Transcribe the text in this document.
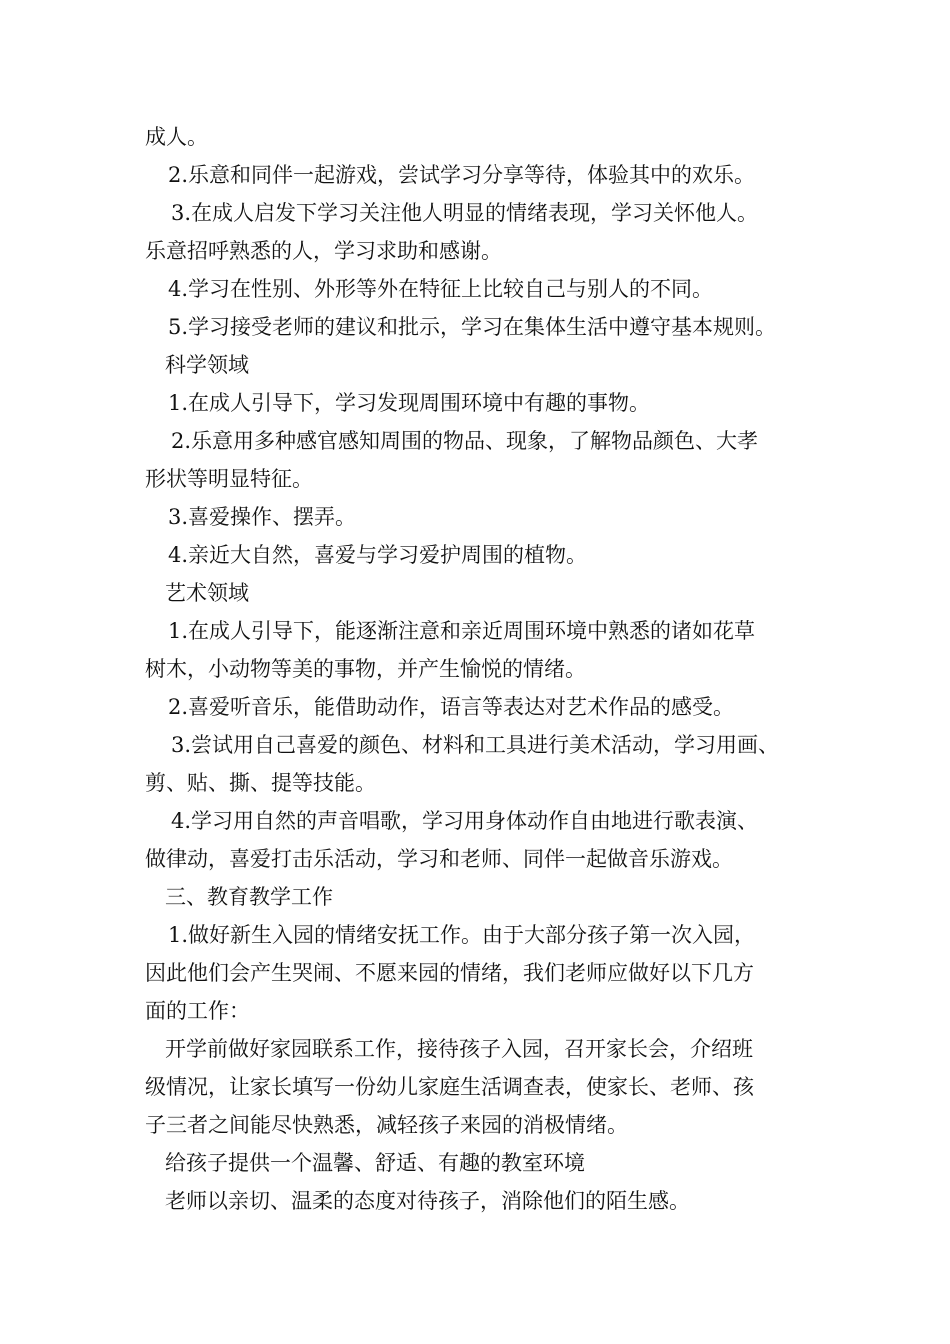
成人。
2.乐意和同伴一起游戏，尝试学习分享等待，体验其中的欢乐。
3.在成人启发下学习关注他人明显的情绪表现，学习关怀他人。
乐意招呼熟悉的人，学习求助和感谢。
4.学习在性别、外形等外在特征上比较自己与别人的不同。
5.学习接受老师的建议和批示，学习在集体生活中遵守基本规则。
科学领域
1.在成人引导下，学习发现周围环境中有趣的事物。
2.乐意用多种感官感知周围的物品、现象，了解物品颜色、大孝
形状等明显特征。
3.喜爱操作、摆弄。
4.亲近大自然，喜爱与学习爱护周围的植物。
艺术领域
1.在成人引导下，能逐渐注意和亲近周围环境中熟悉的诸如花草
树木，小动物等美的事物，并产生愉悦的情绪。
2.喜爱听音乐，能借助动作，语言等表达对艺术作品的感受。
3.尝试用自己喜爱的颜色、材料和工具进行美术活动，学习用画、
剪、贴、撕、提等技能。
4.学习用自然的声音唱歌，学习用身体动作自由地进行歌表演、
做律动，喜爱打击乐活动，学习和老师、同伴一起做音乐游戏。
三、教育教学工作
1.做好新生入园的情绪安抚工作。由于大部分孩子第一次入园，
因此他们会产生哭闹、不愿来园的情绪，我们老师应做好以下几方
面的工作：
开学前做好家园联系工作，接待孩子入园，召开家长会，介绍班
级情况，让家长填写一份幼儿家庭生活调查表，使家长、老师、孩
子三者之间能尽快熟悉，减轻孩子来园的消极情绪。
给孩子提供一个温馨、舒适、有趣的教室环境
老师以亲切、温柔的态度对待孩子，消除他们的陌生感。
